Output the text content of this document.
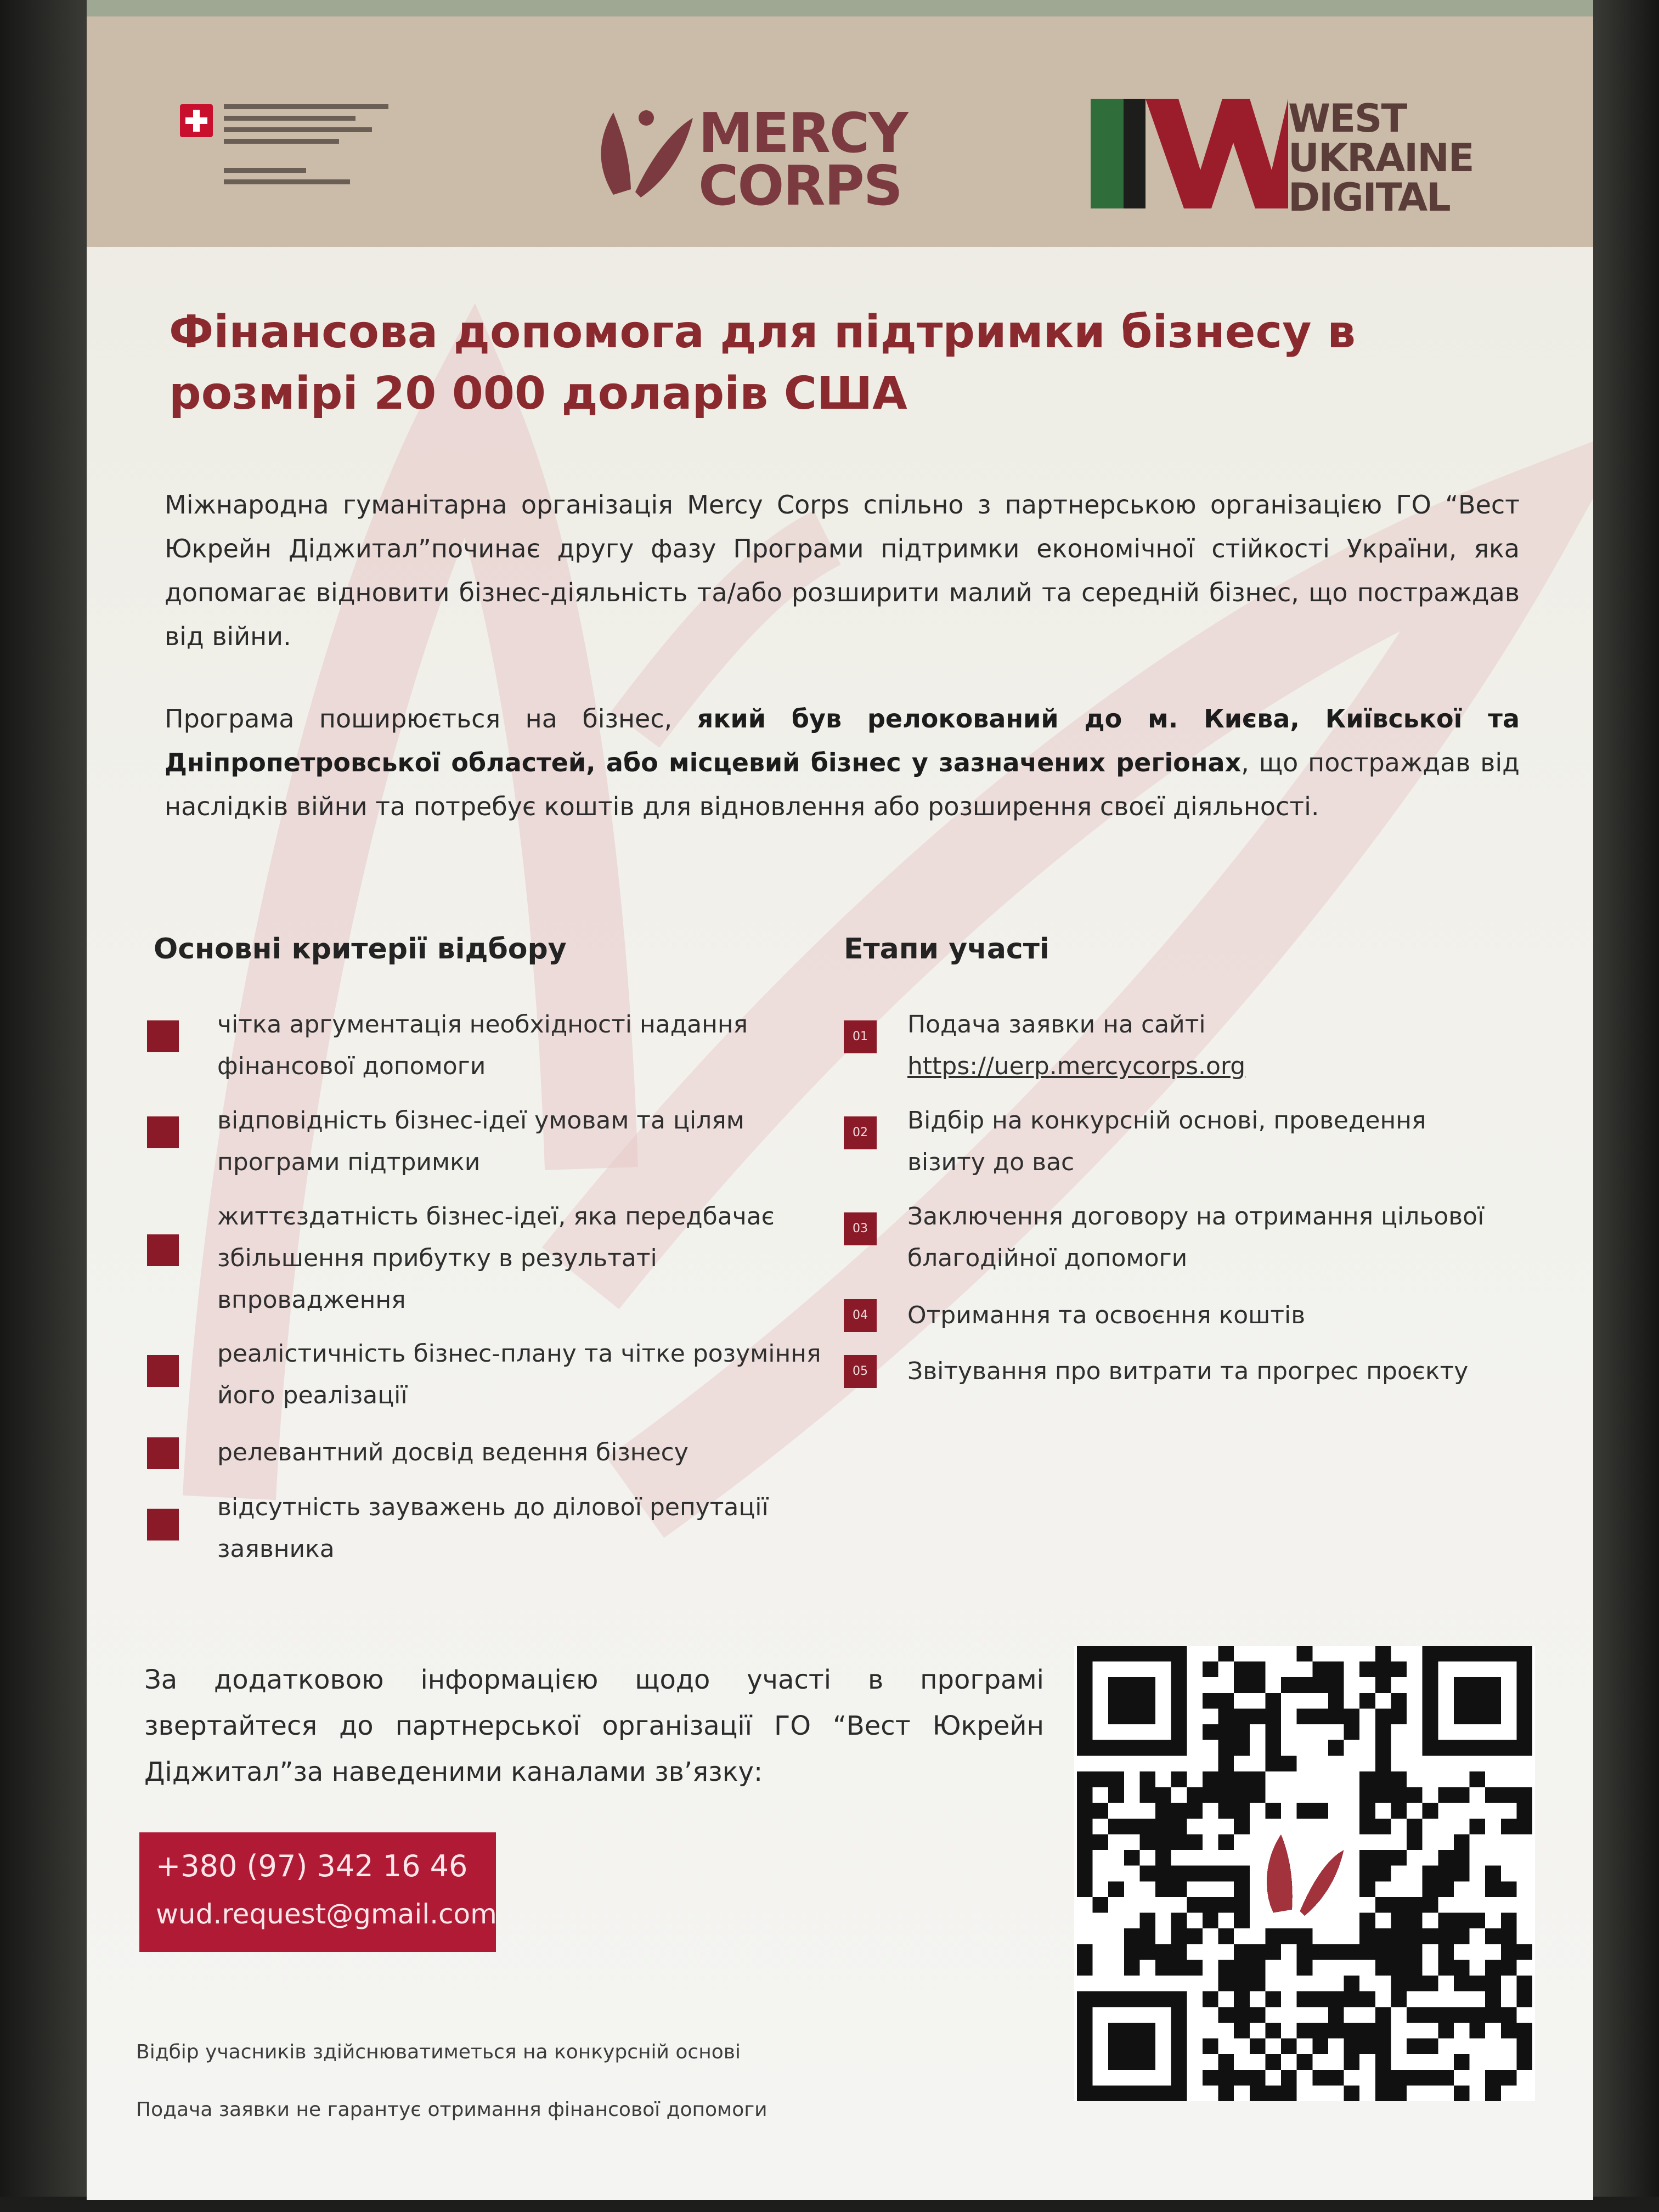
MERCY
CORPS
WEST
UKRAINE
DIGITAL
Фінансова допомога для підтримки бізнесу в розмірі 20 000 доларів США
Міжнародна гуманітарна організація Mercy Corps спільно з партнерською організацією ГО “Вест Юкрейн Діджитал”починає другу фазу Програми підтримки економічної стійкості України, яка допомагає відновити бізнес-діяльність та/або розширити малий та середній бізнес, що постраждав від війни.
Програма поширюється на бізнес, який був релокований до м. Києва, Київської та Дніпропетровської областей, або місцевий бізнес у зазначених регіонах, що постраждав від наслідків війни та потребує коштів для відновлення або розширення своєї діяльності.
Основні критерії відбору	Етапи участі
чітка аргументація необхідності надання фінансової допомоги
відповідність бізнес-ідеї умовам та цілям програми підтримки
життєздатність бізнес-ідеї, яка передбачає збільшення прибутку в результаті впровадження
реалістичність бізнес-плану та чітке розуміння його реалізації
релевантний досвід ведення бізнесу
відсутність зауважень до ділової репутації заявника
01	Подача заявки на сайті
https://uerp.mercycorps.org
02	Відбір на конкурсній основі, проведення візиту до вас
03	Заключення договору на отримання цільової благодійної допомоги
04	Отримання та освоєння коштів
05	Звітування про витрати та прогрес проєкту
За додатковою інформацією щодо участі в програмі звертайтеся до партнерської організації ГО “Вест Юкрейн Діджитал”за наведеними каналами зв’язку:
+380 (97) 342 16 46
wud.request@gmail.com
Відбір учасників здійснюватиметься на конкурсній основі
Подача заявки не гарантує отримання фінансової допомоги
